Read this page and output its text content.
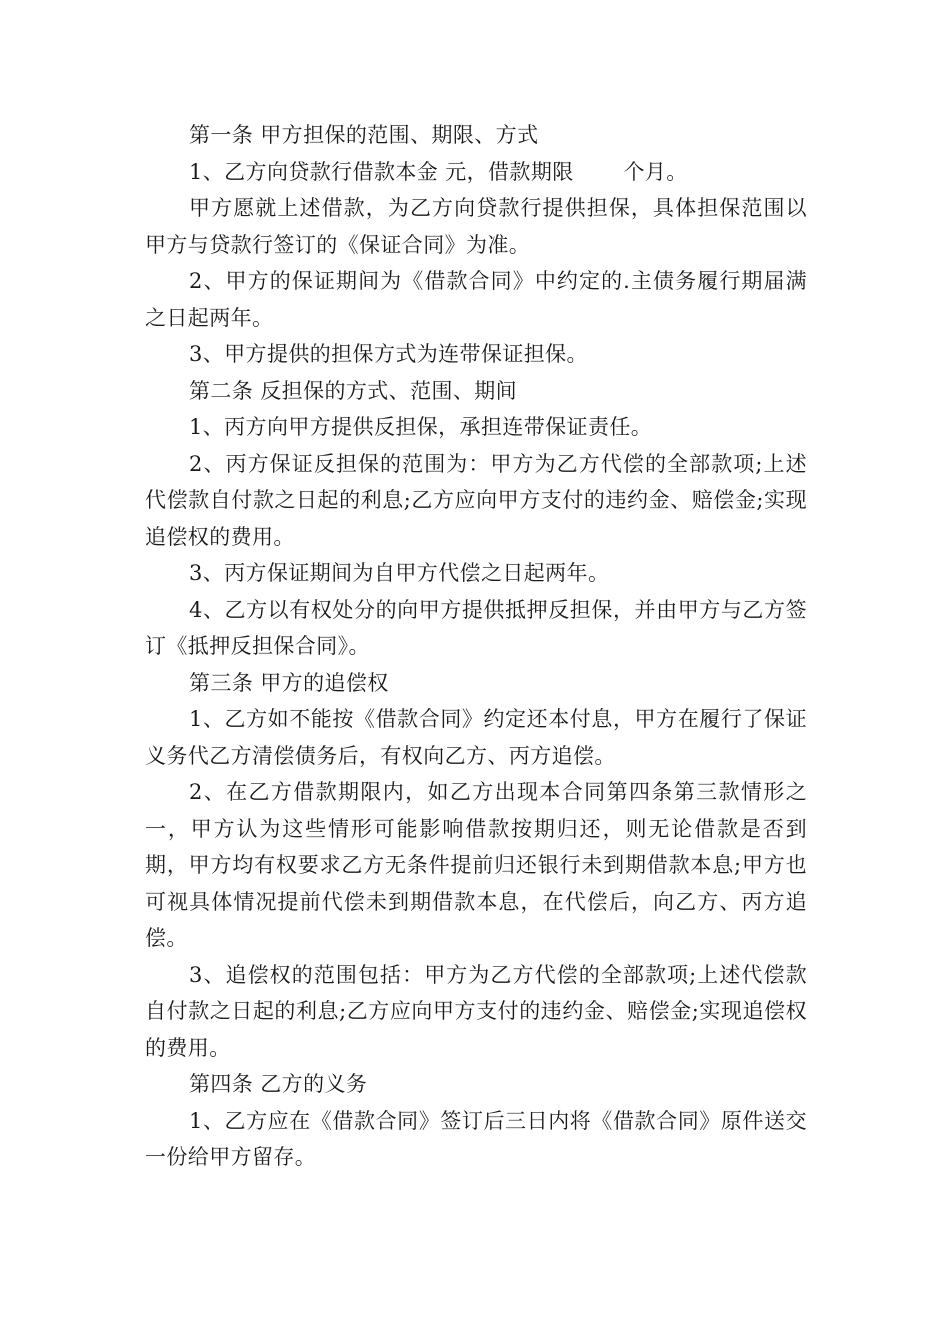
第一条 甲方担保的范围、期限、方式

1、乙方向贷款行借款本金 元，借款期限 　　个月。

甲方愿就上述借款，为乙方向贷款行提供担保，具体担保范围以甲方与贷款行签订的《保证合同》为准。

2、甲方的保证期间为《借款合同》中约定的.主债务履行期届满之日起两年。

3、甲方提供的担保方式为连带保证担保。

第二条 反担保的方式、范围、期间

1、丙方向甲方提供反担保，承担连带保证责任。

2、丙方保证反担保的范围为：甲方为乙方代偿的全部款项;上述代偿款自付款之日起的利息;乙方应向甲方支付的违约金、赔偿金;实现追偿权的费用。

3、丙方保证期间为自甲方代偿之日起两年。

4、乙方以有权处分的向甲方提供抵押反担保，并由甲方与乙方签订《抵押反担保合同》。

第三条 甲方的追偿权

1、乙方如不能按《借款合同》约定还本付息，甲方在履行了保证义务代乙方清偿债务后，有权向乙方、丙方追偿。

2、在乙方借款期限内，如乙方出现本合同第四条第三款情形之一，甲方认为这些情形可能影响借款按期归还，则无论借款是否到期，甲方均有权要求乙方无条件提前归还银行未到期借款本息;甲方也可视具体情况提前代偿未到期借款本息，在代偿后，向乙方、丙方追偿。

3、追偿权的范围包括：甲方为乙方代偿的全部款项;上述代偿款自付款之日起的利息;乙方应向甲方支付的违约金、赔偿金;实现追偿权的费用。

第四条 乙方的义务

1、乙方应在《借款合同》签订后三日内将《借款合同》原件送交一份给甲方留存。
